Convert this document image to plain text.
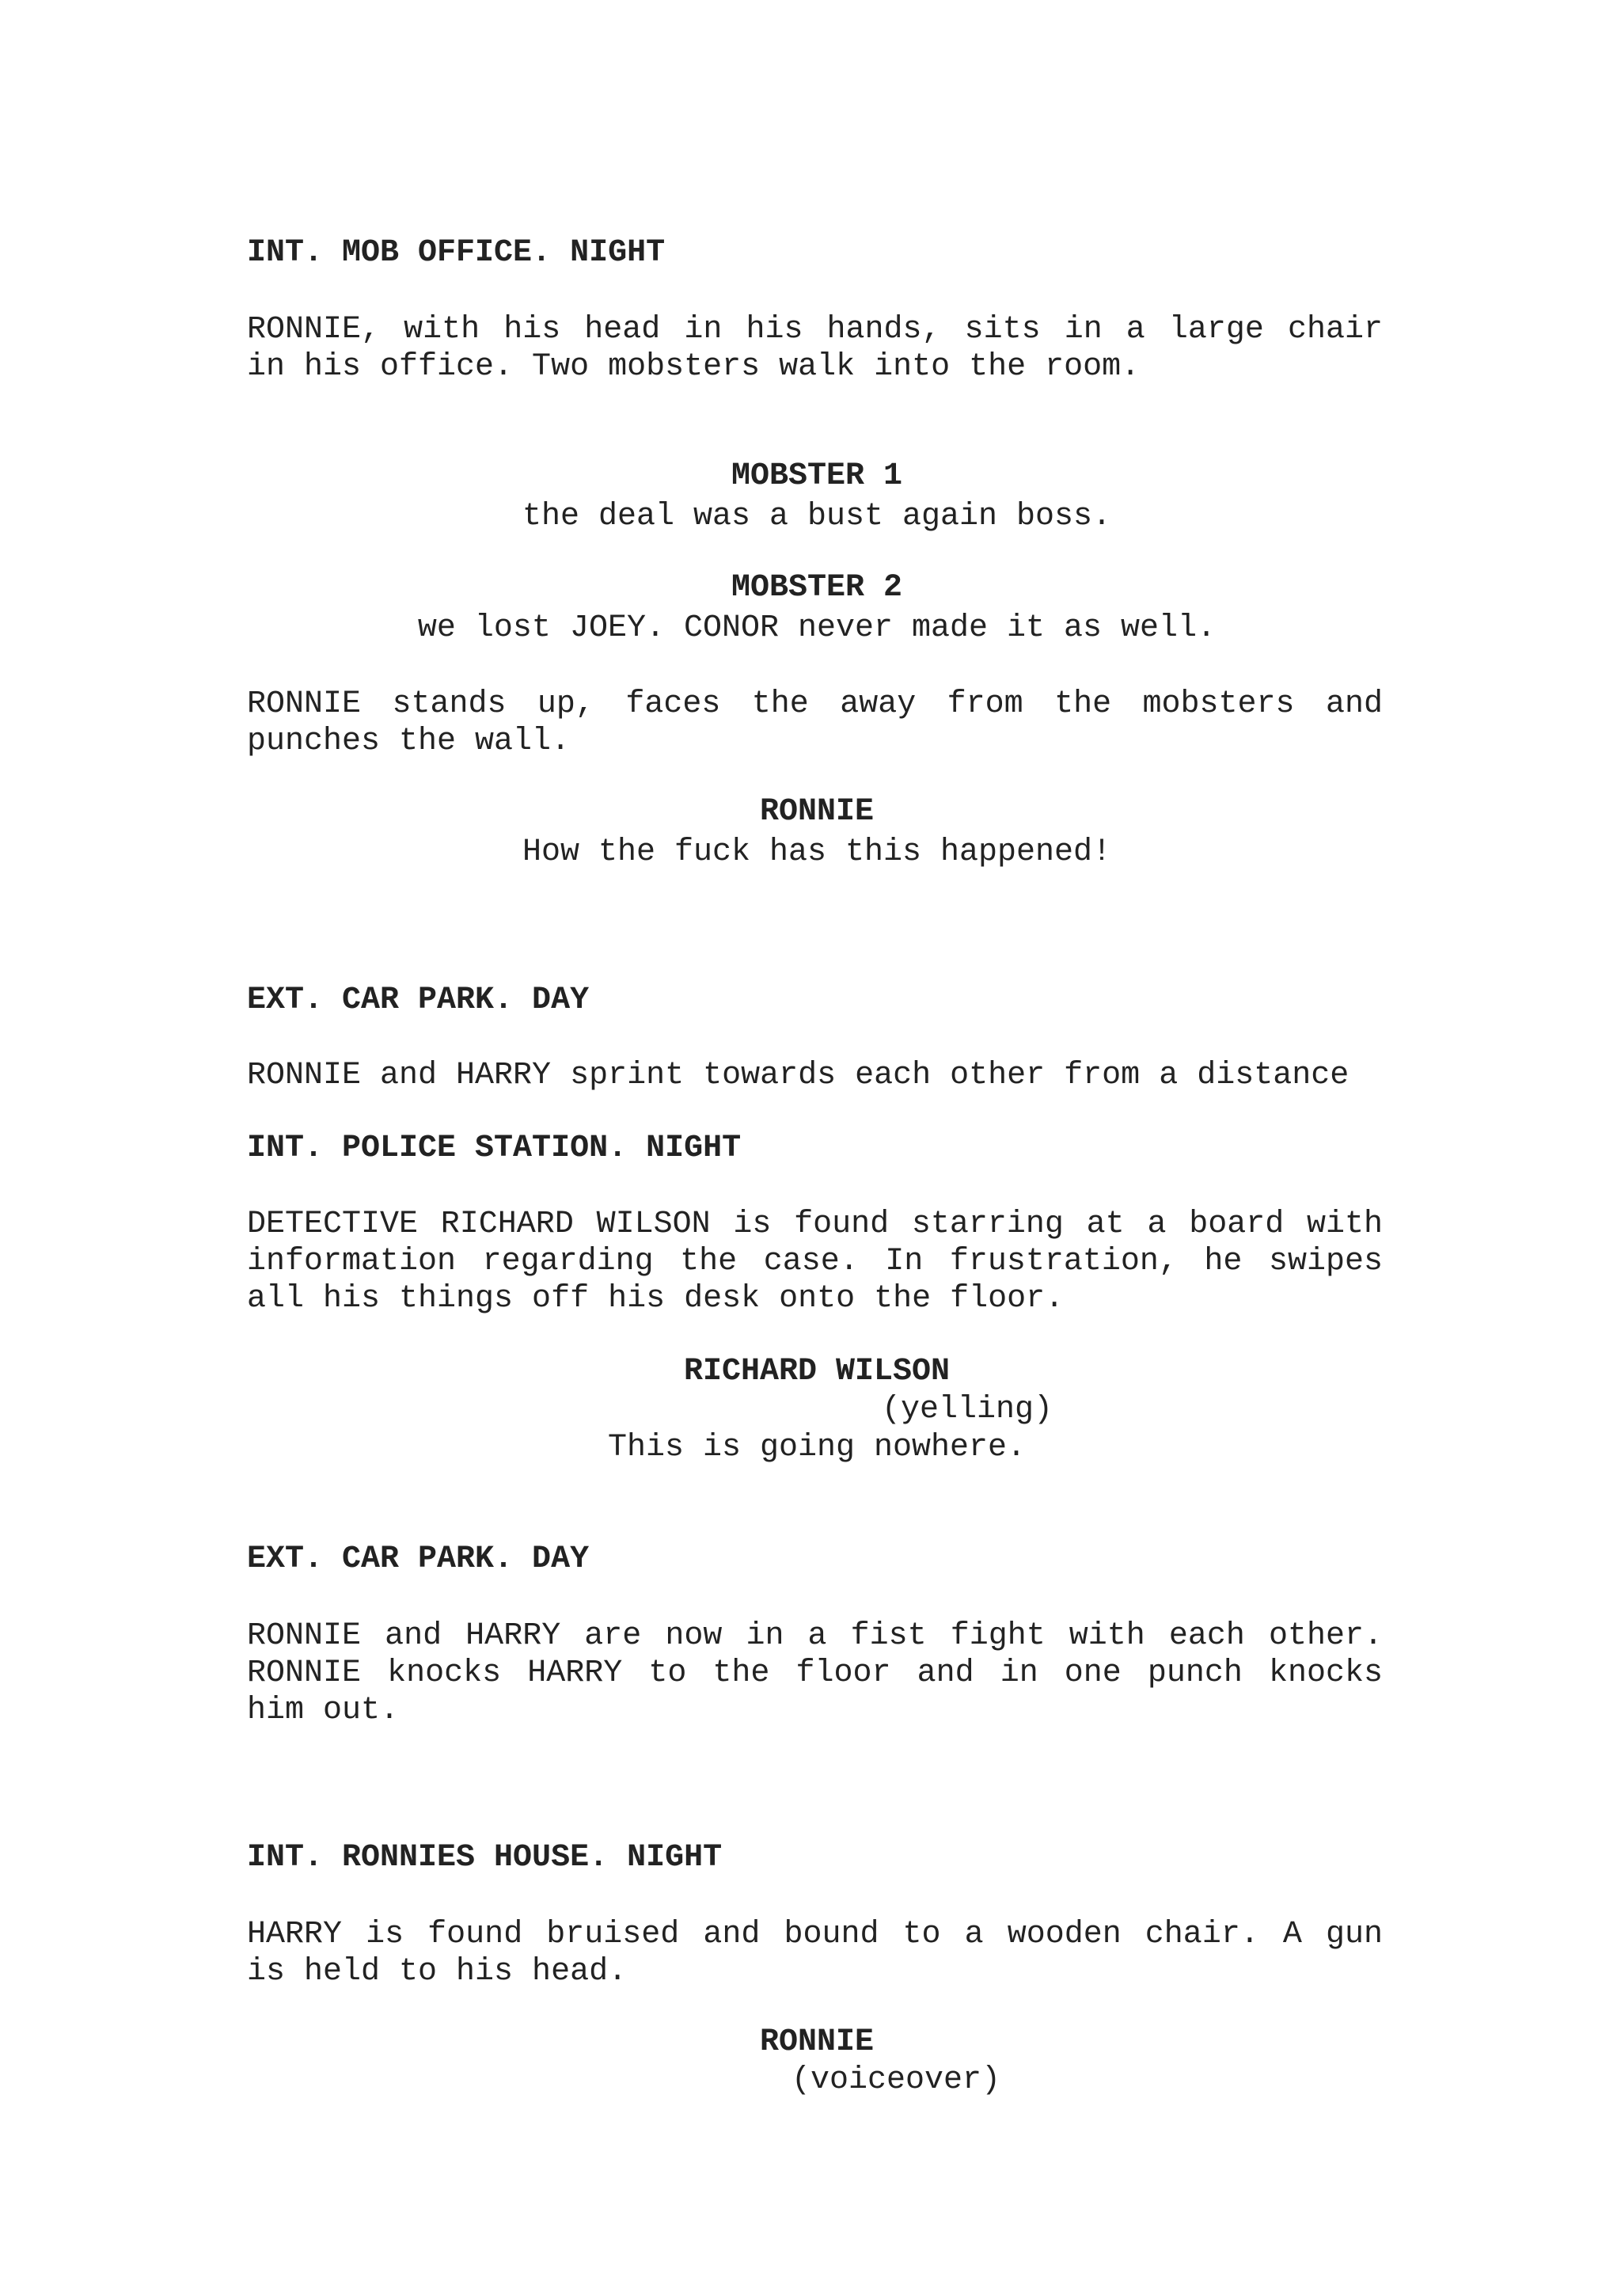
INT. MOB OFFICE. NIGHT

RONNIE, with his head in his hands, sits in a large chair in his office. Two mobsters walk into the room.

MOBSTER 1
the deal was a bust again boss.
MOBSTER 2
we lost JOEY. CONOR never made it as well.

RONNIE stands up, faces the away from the mobsters and punches the wall.

RONNIE
How the fuck has this happened!
EXT. CAR PARK. DAY

RONNIE and HARRY sprint towards each other from a distance

INT. POLICE STATION. NIGHT

DETECTIVE RICHARD WILSON is found starring at a board with information regarding the case. In frustration, he swipes all his things off his desk onto the floor.

RICHARD WILSON
(yelling)
This is going nowhere.
EXT. CAR PARK. DAY

RONNIE and HARRY are now in a fist fight with each other. RONNIE knocks HARRY to the floor and in one punch knocks him out.

INT. RONNIES HOUSE. NIGHT

HARRY is found bruised and bound to a wooden chair. A gun is held to his head.

RONNIE
(voiceover)
